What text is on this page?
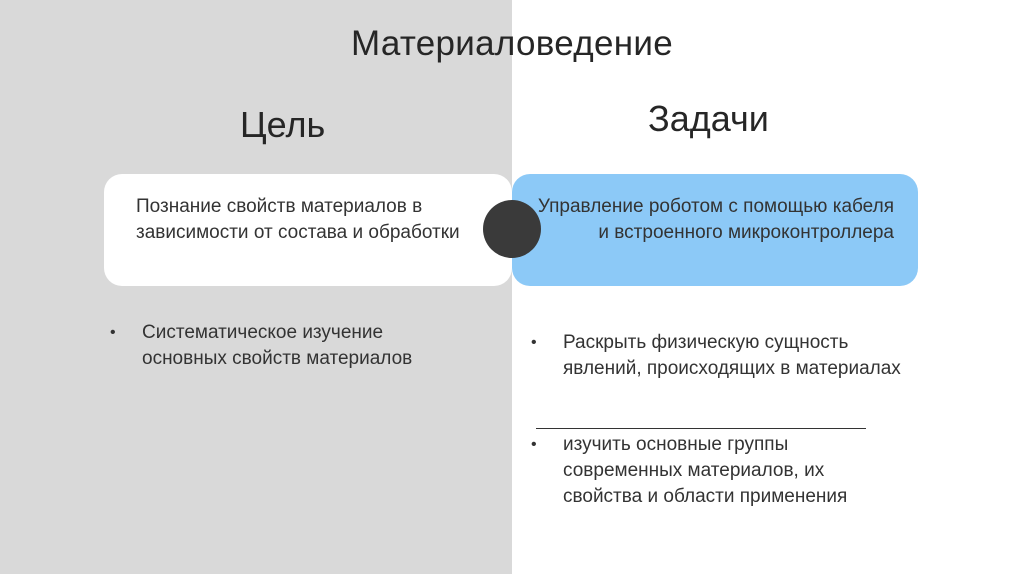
Материаловедение
Цель	Задачи
Познание свойств материалов в зависимости от состава и обработки
Управление роботом с помощью кабеля и встроенного микроконтроллера
• Систематическое изучение основных свойств материалов
• Раскрыть физическую сущность явлений, происходящих в материалах
• изучить основные группы современных материалов, их свойства и области применения
